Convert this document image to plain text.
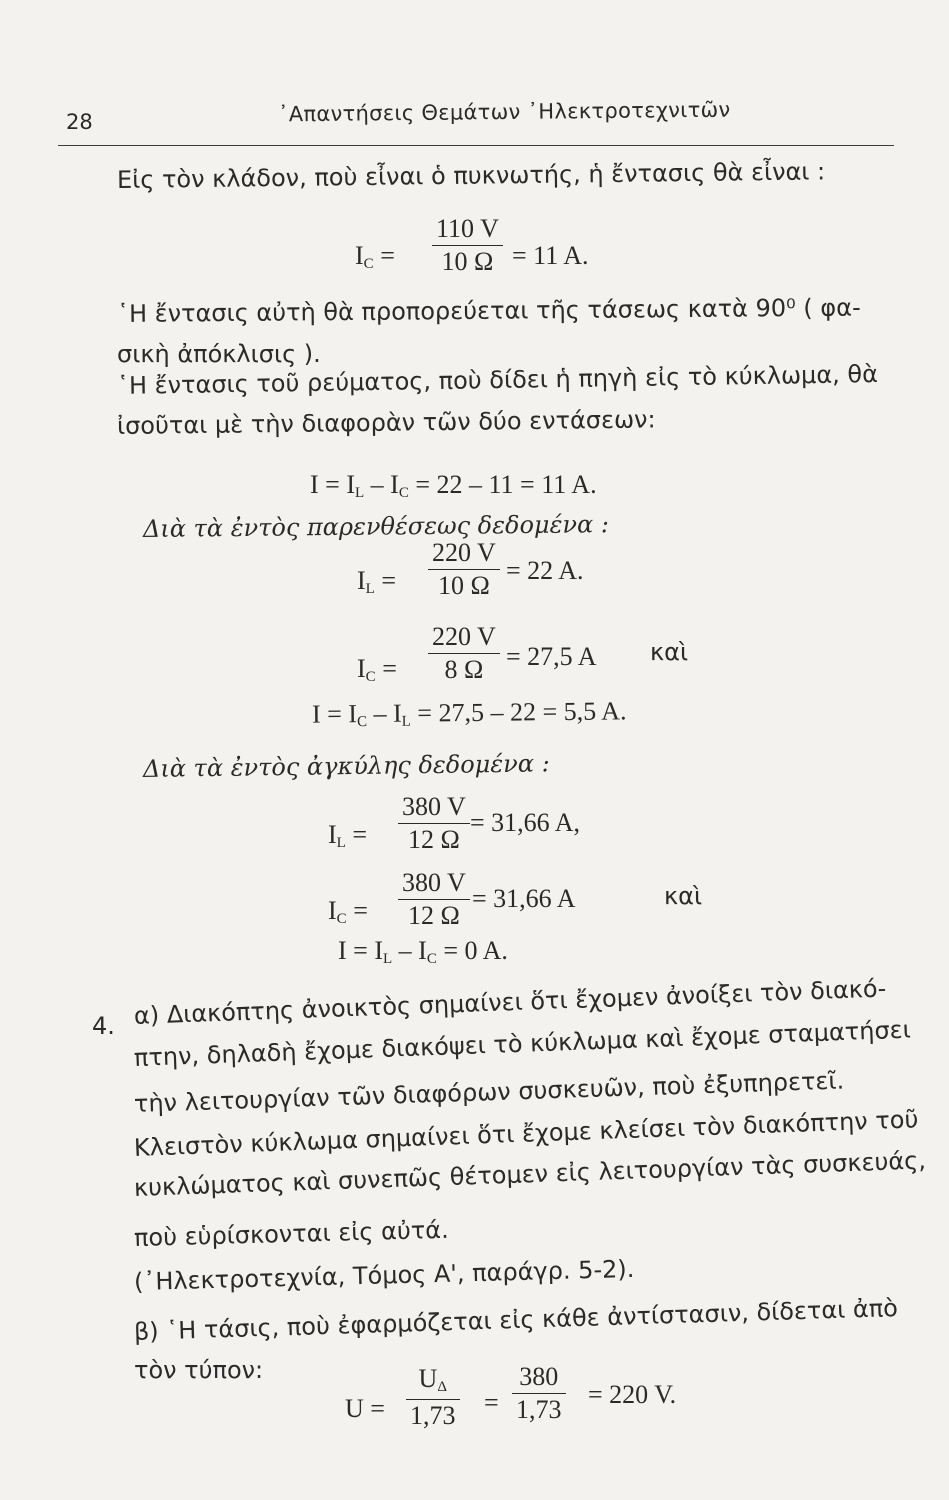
28	᾿Απαντήσεις Θεμάτων ᾿Ηλεκτροτεχνιτῶν
Εἰς τὸν κλάδον, ποὺ εἶναι ὁ πυκνωτής, ἡ ἔντασις θὰ εἶναι :
IC = $\frac{110 V}{10 \Omega} = 11$ A.
῾Η ἔντασις αὐτὴ θὰ προπορεύεται τῆς τάσεως κατὰ 90⁰ ( φα-
σικὴ ἀπόκλισις ).
῾Η ἔντασις τοῦ ρεύματος, ποὺ δίδει ἡ πηγὴ εἰς τὸ κύκλωμα, θὰ
ἰσοῦται μὲ τὴν διαφορὰν τῶν δύο εντάσεων:
I = IL – IC = 22 – 11 = 11 A.
Διὰ τὰ ἐντὸς παρενθέσεως δεδομένα :
IL = $\frac{220 V}{10 \Omega} = 22$ A.
IC = $\frac{220 V}{8 \Omega} = 27,5$ A καὶ
I = IC – IL = 27,5 – 22 = 5,5 A.
Διὰ τὰ ἐντὸς ἀγκύλης δεδομένα :
IL = $\frac{380 V}{12 \Omega} = 31,66$ A,
IC = $\frac{380 V}{12 \Omega} = 31,66$ A	καὶ
I = IL – IC = 0 A.
4. α) Διακόπτης ἀνοικτὸς σημαίνει ὅτι ἔχομεν ἀνοίξει τὸν διακό-
πτην, δηλαδὴ ἔχομε διακόψει τὸ κύκλωμα καὶ ἔχομε σταματήσει
τὴν λειτουργίαν τῶν διαφόρων συσκευῶν, ποὺ ἐξυπηρετεῖ.
Κλειστὸν κύκλωμα σημαίνει ὅτι ἔχομε κλείσει τὸν διακόπτην τοῦ
κυκλώματος καὶ συνεπῶς θέτομεν εἰς λειτουργίαν τὰς συσκευάς,
ποὺ εὑρίσκονται εἰς αὐτά.
(᾿Ηλεκτροτεχνία, Τόμος Α', παράγρ. 5-2).
β) ῾Η τάσις, ποὺ ἐφαρμόζεται εἰς κάθε ἀντίστασιν, δίδεται ἀπὸ
τὸν τύπον:
$U = \frac{U\Delta}{1,73} = \frac{380}{1,73} = 220$ V.
